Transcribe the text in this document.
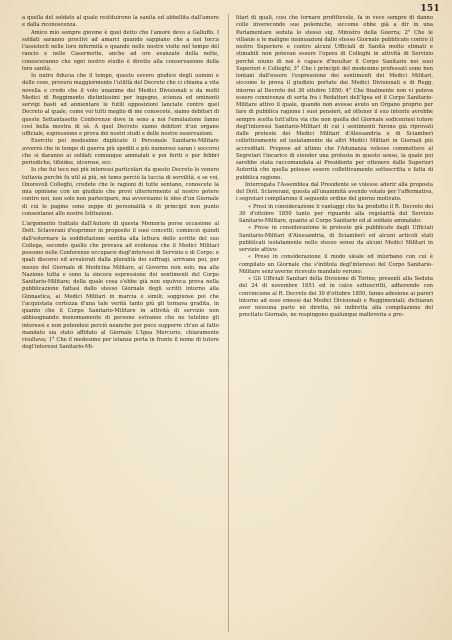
151

a quella del soldato al quale restituirono la sanità ed abbellita dall'amore e dalla riconoscenza.

Amico mio sempre giovine è quel detto che l'amore devo a Galluffo. I soldati saranno proclivi ad amarci quando sappiano che a noi tocca l'assisterli nelle loro infermità e quando nelle nostre visite nel tempo del rancio e nelle Casermette, anche ad ore avanzate della notte, conosceranno che ogni nostro studio è diretto alla conservazione della loro sanità.

Io nutro fiducia che il tempo, questo severo giudice degli uomini e delle cose, proverà maggiormente l'utilità del Decreto che ci chiama a vita novella e credo che il voto unanime dei Medici Divisionali e da molti Medici di Reggimento distintissimi per ingegno, scienza ed eminenti servigi basti ad annientare le futili opposizioni lanciate contro quel Decreto al quale, come voi tutti meglio di me conoscete, siamo debitori di queste Settantasette Conferenze dove in seno a noi l'emulazione fanno così bella mostra di sè. A quel Decreto siamo debitori d'un organo ufficiale, espressione e prova dei nostri studi e delle nostre osservazioni.

Esercito poi medesimo duplicato il Personale Sanitario-Militare avverrà che in tempo di guerra più spediti e più numerosi saran i soccorsi che si daranno ai soldati comunque ammalati e poi feriti o per febbri periodiche, tifoidee, ulcerose, ecc.

Io che fui teco nei più interessi particolari da questo Decreto lo venero tuttavia perchè fu util ai più, nè temo perciò la taccia di servilità, e se voi, Onorevoli Colleghi, credete che le ragioni di tutte sentano, conoscete la mia opinione con un giudizio che provi ulteriormente al nostro potere contro noi, non solo non parteciparo, ma avversiamo le idee d'un Giornale di cui le pagine sono zeppe di personalità e di principii non punto consentanei allo nostre Istituzioni.

L'argomento trattato dall'Autore di questa Memoria porse occasione al Dott. Sclaverani d'esprimer in proposito il suoi concetti; cominciò quindi dall'esternare la soddisfazione sentita alla lettura dello scritto del suo Collega, secondo quello che provava ad evidenza che il Medici Militari possono nelle Conferenze occuparsi degl'interessi di Servizio e di Corpo; e quali discorsi ed avvalorati dalla pluralità dei suffragi, arrivano poi, per mezzo del Giornale di Medicina Militare, al Governo non solo, ma alla Nazione tutta e sono la sincera espressione dei sentimenti del Corpo Sanitario-Militare; della quale cosa s'ebbe già non equivoca prova nella pubblicazione fattasi dallo stesso Giornale degli scritti intorno alla Ginnastica, ai Medici Militari in marcia e simili; soggiunse poi che l'acquistata certezza d'una tale verità tanto più gli tornava gradita, in quanto che il Corpo Sanitario-Militare in attività di servizio non abbisognando menomamente di persone estranee che ne tutelino gli interessi e non potendosi perciò neanche per poco supporre ch'un al fatto mandato sia stato affidato al Giornale L'Igea Mercurio, chiaramente risultava; 1° Che il medesimo per istanza porta in fronte il nome di tutore degl'interessi Sanitario-Mi-

litari di quali, così che tornare profittevole, fa in vece sempre di danno colle invereconde sue polemiche, siccome ebbe già a dir in una Parlamentare seduta lo stesso sig. Ministro della Guerra; 2° Che le villanie e le maligne insinuazioni dallo stesso Giornale pubblicate contro il nostro Superiore e contro alcuni Ufficiali di Sanità molto stimati e stimabili non potevan essere l'opera di Colleghi in attività di Servizio perchè niuno di noi è capace d'insultar il Corpo Sanitario nei suoi Superiori e Colleghi; 3° Che i principii del medesimo professati sono ben lontani dall'essere l'espressione dei sentimenti dei Medici Militari, siccome lo prova il giudizio portato dai Medici Divisionali e di Regg. intorno al Decreto del 30 ottobre 1850; 4° Che finalmente non vi poteva essere connivenza di sorta fra i Redattori dell'Igea ed il Corpo Sanitario-Militare attivo il quale, quando non avesse avuto un Organo proprio per fare di pubblica ragione i suoi pensieri, ad ottener il suo intento avrebbe sempre scelta tutt'altra via che non quella del Giornale sodicentesi tutore degl'interessi Sanitario-Militari di cui i sentimenti furono già riprovati dalle proteste dei Medici Militari d'Alessandria e di Sciamberì collettivamente ed isolatamente da altri Medici Militari in Giornali più accreditati. Propose ad ultimo che l'Adunanza volesse commettere al Segretari l'incarico di stender una protesta in questo senso, la quale poi sarebbe stata raccomandata al Presidente per ottenere dalle Superiori Autorità che quella potesse essere collettivamente sottoscritta e fatta di pubblica ragione.

Interrogata l'Assemblea dal Presidente se volesse aderir alla proposta del Dott. Sclaverani, questa all'unanimità avendo votato per l'affermativa, i segretari compilarono il seguente ordine del giorno motivato.

« Presi in considerazione li vantaggi che ha prodotto il R. Decreto dei 30 d'ottobre 1850 tanto per riguardo alla regolarità del Servizio Sanitario-Militare, quanto al Corpo Sanitario ed al soldato ammalato:

« Prese in considerazione le proteste già pubblicate dagli Ufficiali Sanitario-Militari d'Alessandria, di Sciamberì ed alcuni articoli stati pubblicati isolatamente nello stesso senso da alcuni Medici Militari in servizio attivo:

« Preso in considerazione il modo sleale ed iniurbano con cui è compilato un Giornale che s'intitola degl'interessi del Corpo Sanitario-Militare senz'averne ricevuto mandato veruno:

« Gli Ufficiali Sanitari della Divisione di Torino, presenti alla Seduta del 24 di novembre 1851 ed in calce sottoscritti, adherendo con convincione al R. Decreto dei 30 d'ottobre 1850, fanno adesione ai pareri intorno ad esso emessi dai Medici Divisionali e Reggimentali; dichiaran aver nessuna parte nè diretta, nè indiretta alla compilazione del precitato Giornale, ne respingono qualunque malleveria e pro-
